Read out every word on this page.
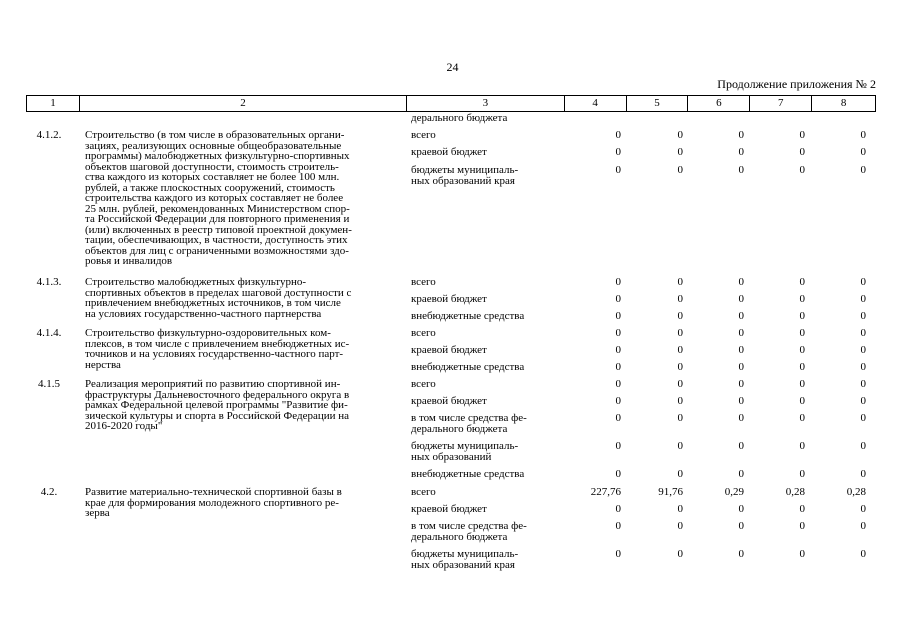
24
Продолжение приложения № 2
1	2	3	4	5	6	7	8
дерального бюджета
4.1.2.	Строительство (в том числе в образовательных органи-
зациях, реализующих основные общеобразовательные
программы) малобюджетных физкультурно-спортивных
объектов шаговой доступности, стоимость строитель-
ства каждого из которых составляет не более 100 млн.
рублей, а также плоскостных сооружений, стоимость
строительства каждого из которых составляет не более
25 млн. рублей, рекомендованных Министерством спор-
та Российской Федерации для повторного применения и
(или) включенных в реестр типовой проектной докумен-
тации, обеспечивающих, в частности, доступность этих
объектов для лиц с ограниченными возможностями здо-
ровья и инвалидов
всего	0	0	0	0	0
краевой бюджет	0	0	0	0	0
бюджеты муниципаль-
ных образований края
0	0	0	0	0
4.1.3.	Строительство малобюджетных физкультурно-
спортивных объектов в пределах шаговой доступности с
привлечением внебюджетных источников, в том числе
на условиях государственно-частного партнерства
всего	0	0	0	0	0
краевой бюджет	0	0	0	0	0
внебюджетные средства	0	0	0	0	0
4.1.4.	Строительство физкультурно-оздоровительных ком-
плексов, в том числе с привлечением внебюджетных ис-
точников и на условиях государственно-частного парт-
нерства
всего	0	0	0	0	0
краевой бюджет	0	0	0	0	0
внебюджетные средства	0	0	0	0	0
4.1.5	Реализация мероприятий по развитию спортивной ин-
фраструктуры Дальневосточного федерального округа в
рамках Федеральной целевой программы "Развитие фи-
зической культуры и спорта в Российской Федерации на
2016-2020 годы"
всего	0	0	0	0	0
краевой бюджет	0	0	0	0	0
в том числе средства фе-
дерального бюджета
0	0	0	0	0
бюджеты муниципаль-
ных образований
0	0	0	0	0
внебюджетные средства	0	0	0	0	0
4.2.	Развитие материально-технической спортивной базы в
крае для формирования молодежного спортивного ре-
зерва
всего	227,76	91,76	0,29	0,28	0,28
краевой бюджет	0	0	0	0	0
в том числе средства фе-
дерального бюджета
0	0	0	0	0
бюджеты муниципаль-
ных образований края
0	0	0	0	0
